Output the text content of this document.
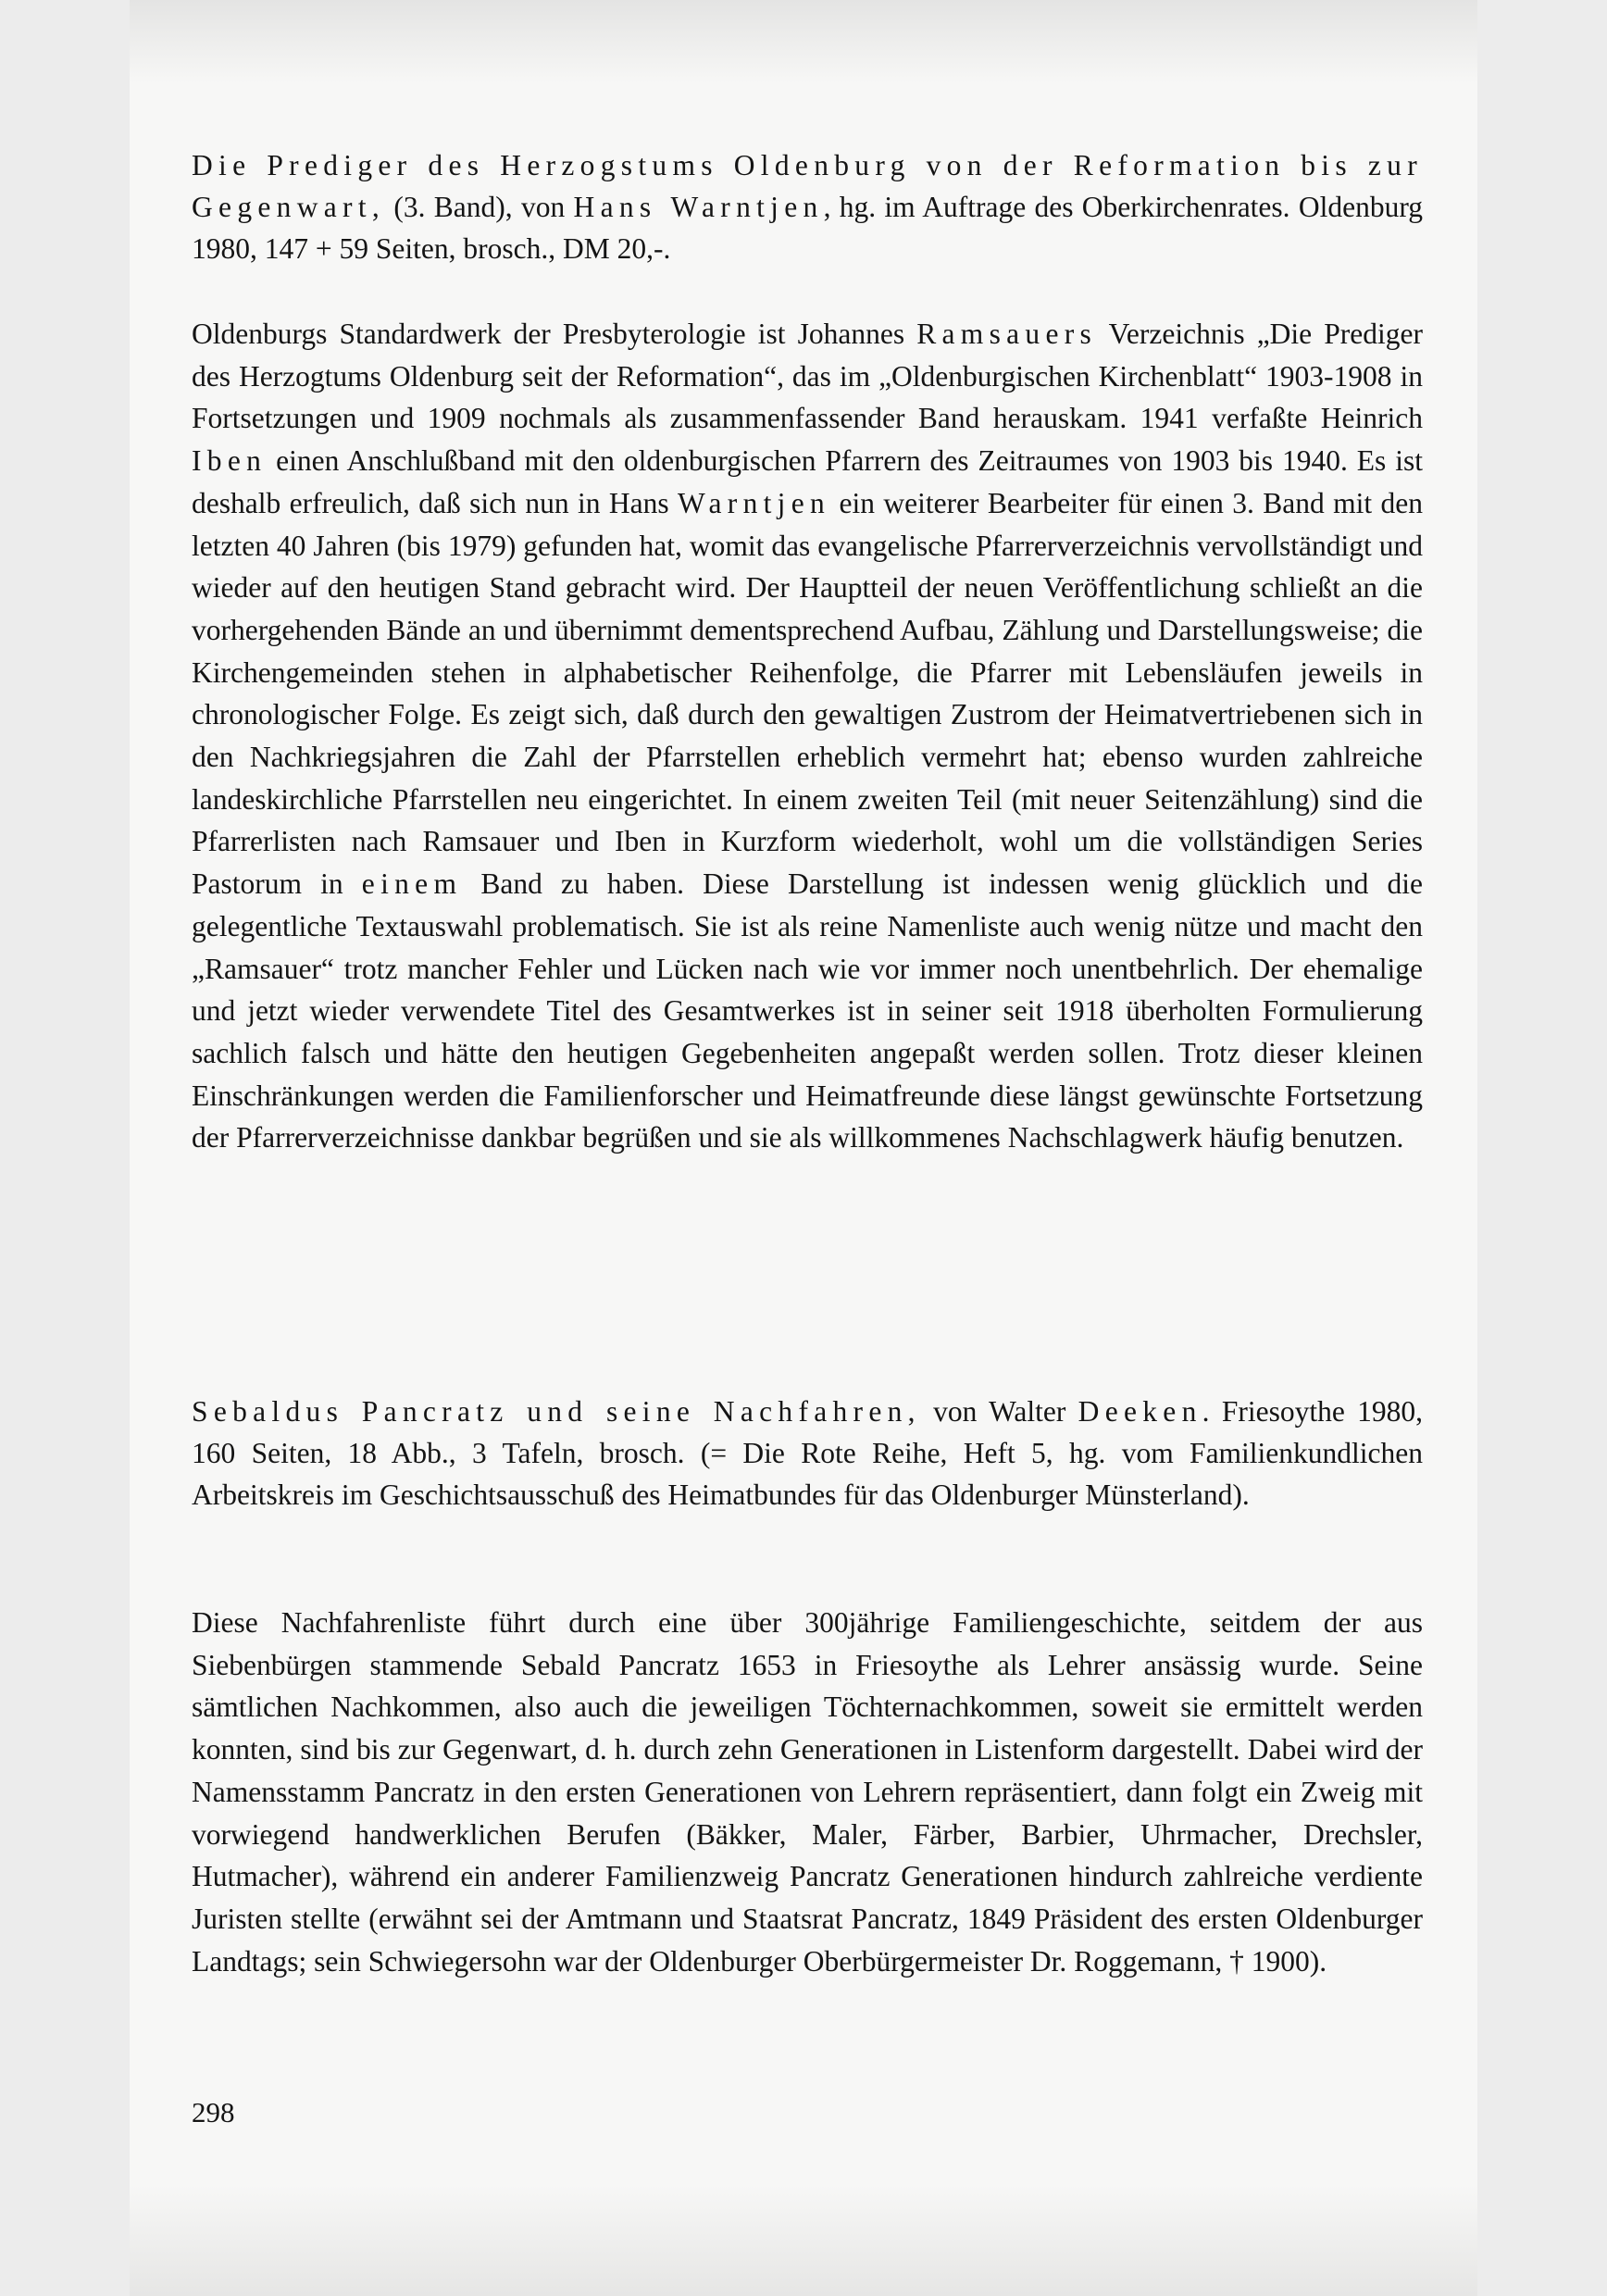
Die Prediger des Herzogstums Oldenburg von der Reformation bis zur Gegenwart, (3. Band), von Hans Warntjen, hg. im Auftrage des Oberkirchenrates. Oldenburg 1980, 147 + 59 Seiten, brosch., DM 20,-.
Oldenburgs Standardwerk der Presbyterologie ist Johannes Ramsauers Verzeichnis „Die Prediger des Herzogtums Oldenburg seit der Reformation“, das im „Oldenburgischen Kirchenblatt“ 1903-1908 in Fortsetzungen und 1909 nochmals als zusammenfassender Band herauskam. 1941 verfaßte Heinrich Iben einen Anschlußband mit den oldenburgischen Pfarrern des Zeitraumes von 1903 bis 1940. Es ist deshalb erfreulich, daß sich nun in Hans Warntjen ein weiterer Bearbeiter für einen 3. Band mit den letzten 40 Jahren (bis 1979) gefunden hat, womit das evangelische Pfarrerverzeichnis vervollständigt und wieder auf den heutigen Stand gebracht wird. Der Hauptteil der neuen Veröffentlichung schließt an die vorhergehenden Bände an und übernimmt dementsprechend Aufbau, Zählung und Darstellungsweise; die Kirchengemeinden stehen in alphabetischer Reihenfolge, die Pfarrer mit Lebensläufen jeweils in chronologischer Folge. Es zeigt sich, daß durch den gewaltigen Zustrom der Heimatvertriebenen sich in den Nachkriegsjahren die Zahl der Pfarrstellen erheblich vermehrt hat; ebenso wurden zahlreiche landeskirchliche Pfarrstellen neu eingerichtet. In einem zweiten Teil (mit neuer Seitenzählung) sind die Pfarrerlisten nach Ramsauer und Iben in Kurzform wiederholt, wohl um die vollständigen Series Pastorum in einem Band zu haben. Diese Darstellung ist indessen wenig glücklich und die gelegentliche Textauswahl problematisch. Sie ist als reine Namenliste auch wenig nütze und macht den „Ramsauer“ trotz mancher Fehler und Lücken nach wie vor immer noch unentbehrlich. Der ehemalige und jetzt wieder verwendete Titel des Gesamtwerkes ist in seiner seit 1918 überholten Formulierung sachlich falsch und hätte den heutigen Gegebenheiten angepaßt werden sollen. Trotz dieser kleinen Einschränkungen werden die Familienforscher und Heimatfreunde diese längst gewünschte Fortsetzung der Pfarrerverzeichnisse dankbar begrüßen und sie als willkommenes Nachschlagwerk häufig benutzen.
Sebaldus Pancratz und seine Nachfahren, von Walter Deeken. Friesoythe 1980, 160 Seiten, 18 Abb., 3 Tafeln, brosch. (= Die Rote Reihe, Heft 5, hg. vom Familienkundlichen Arbeitskreis im Geschichtsausschuß des Heimatbundes für das Oldenburger Münsterland).
Diese Nachfahrenliste führt durch eine über 300jährige Familiengeschichte, seitdem der aus Siebenbürgen stammende Sebald Pancratz 1653 in Friesoythe als Lehrer ansässig wurde. Seine sämtlichen Nachkommen, also auch die jeweiligen Töchternachkommen, soweit sie ermittelt werden konnten, sind bis zur Gegenwart, d. h. durch zehn Generationen in Listenform dargestellt. Dabei wird der Namensstamm Pancratz in den ersten Generationen von Lehrern repräsentiert, dann folgt ein Zweig mit vorwiegend handwerklichen Berufen (Bäkker, Maler, Färber, Barbier, Uhrmacher, Drechsler, Hutmacher), während ein anderer Familienzweig Pancratz Generationen hindurch zahlreiche verdiente Juristen stellte (erwähnt sei der Amtmann und Staatsrat Pancratz, 1849 Präsident des ersten Oldenburger Landtags; sein Schwiegersohn war der Oldenburger Oberbürgermeister Dr. Roggemann, † 1900).
298
